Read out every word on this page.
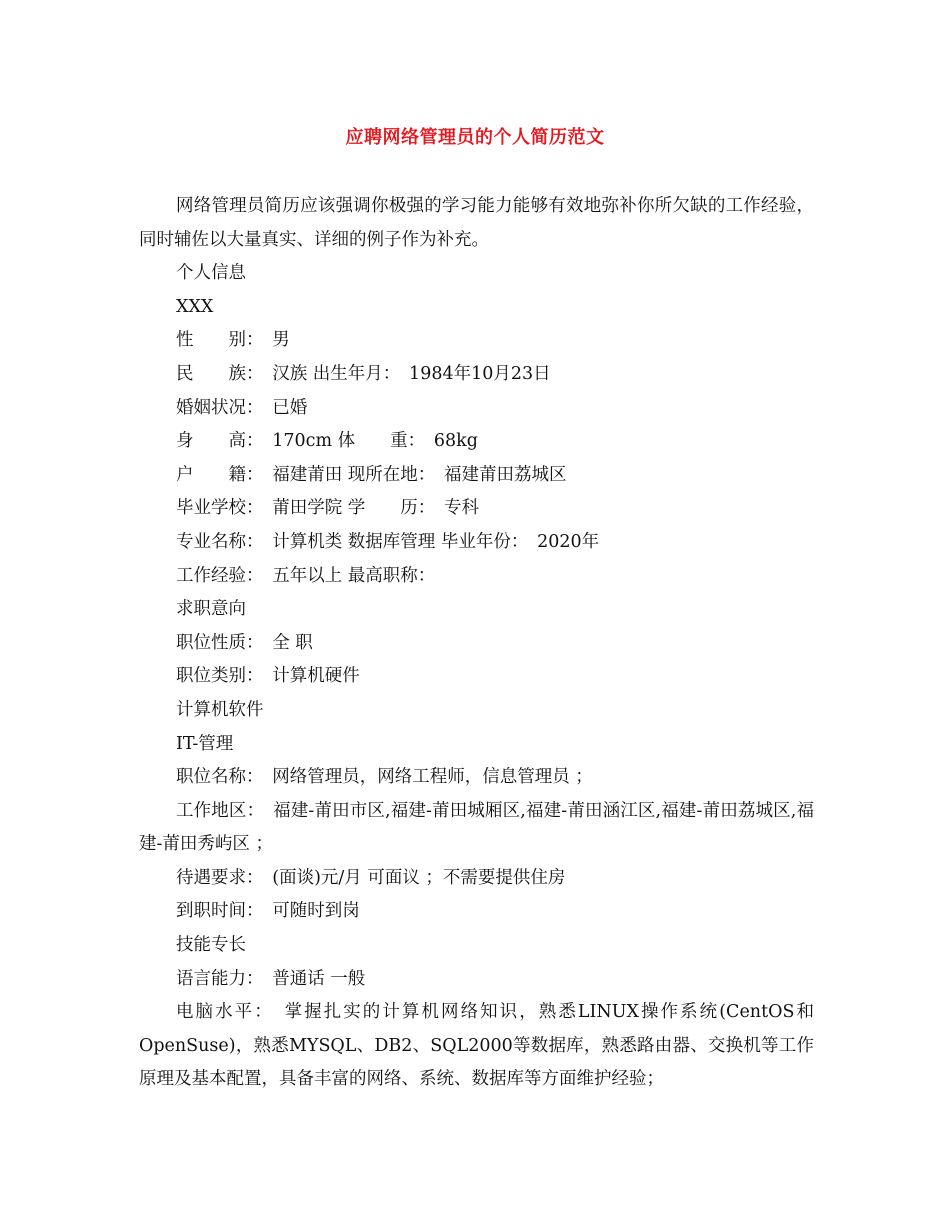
应聘网络管理员的个人简历范文

网络管理员简历应该强调你极强的学习能力能够有效地弥补你所欠缺的工作经验，同时辅佐以大量真实、详细的例子作为补充。

个人信息

XXX

性　　别：　男

民　　族：　汉族 出生年月：　1984年10月23日

婚姻状况：　已婚

身　　高：　170cm 体　　重：　68kg

户　　籍：　福建莆田 现所在地：　福建莆田荔城区

毕业学校：　莆田学院 学　　历：　专科

专业名称：　计算机类 数据库管理 毕业年份：　2020年

工作经验：　五年以上 最高职称：

求职意向

职位性质：　全 职

职位类别：　计算机硬件

计算机软件

IT-管理

职位名称：　网络管理员，网络工程师，信息管理员 ；

工作地区：　福建-莆田市区,福建-莆田城厢区,福建-莆田涵江区,福建-莆田荔城区,福建-莆田秀屿区 ；

待遇要求：　(面谈)元/月 可面议 ；不需要提供住房

到职时间：　可随时到岗

技能专长

语言能力：　普通话 一般

电脑水平：　掌握扎实的计算机网络知识，熟悉LINUX操作系统(CentOS和OpenSuse)，熟悉MYSQL、DB2、SQL2000等数据库，熟悉路由器、交换机等工作原理及基本配置，具备丰富的网络、系统、数据库等方面维护经验；
